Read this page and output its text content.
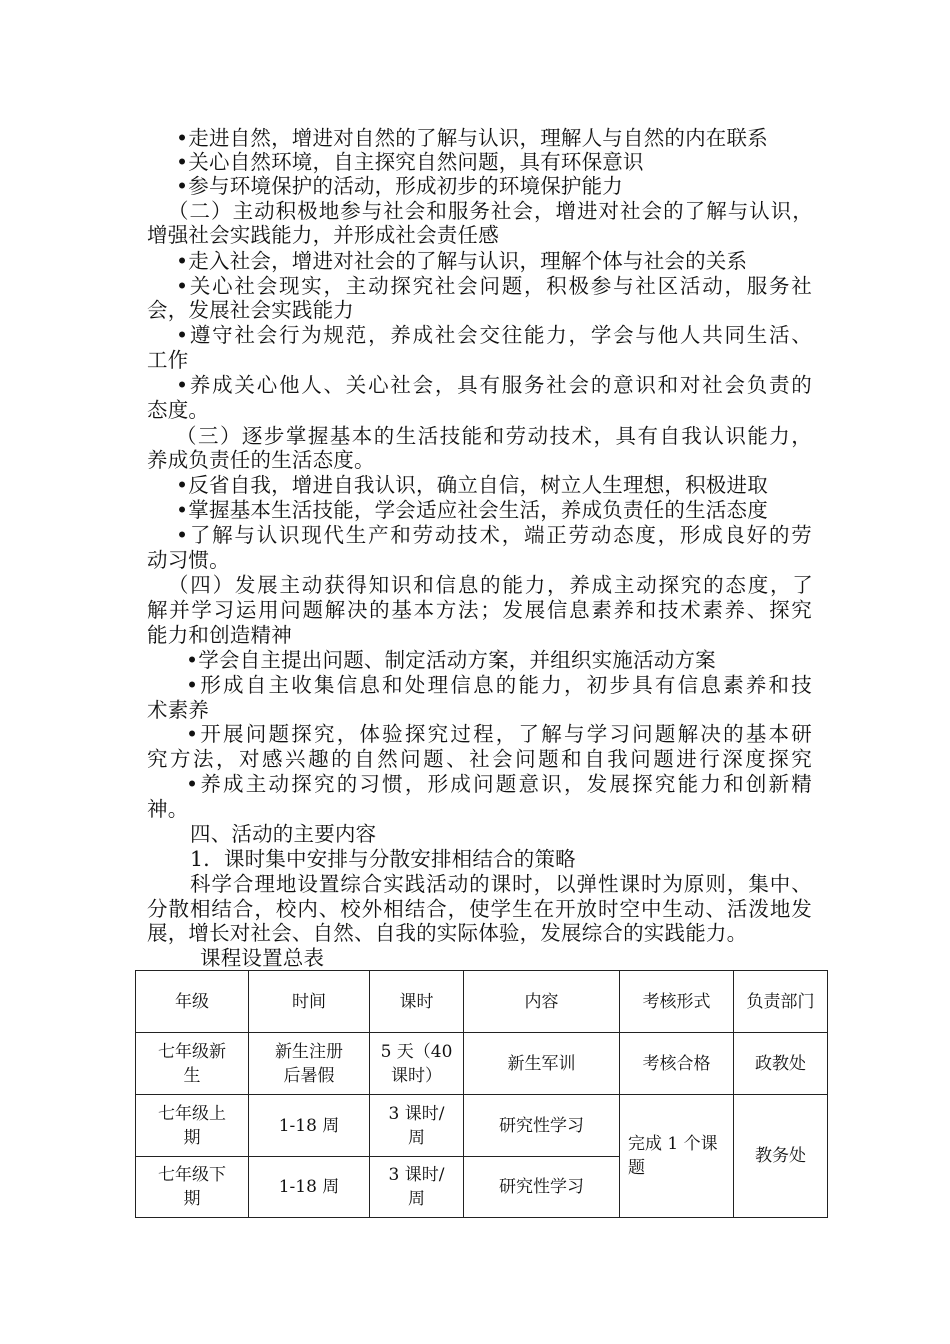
•走进自然，增进对自然的了解与认识，理解人与自然的内在联系
•关心自然环境，自主探究自然问题，具有环保意识
•参与环境保护的活动，形成初步的环境保护能力
（二）主动积极地参与社会和服务社会，增进对社会的了解与认识，
增强社会实践能力，并形成社会责任感
•走入社会，增进对社会的了解与认识，理解个体与社会的关系
•关心社会现实，主动探究社会问题，积极参与社区活动，服务社
会，发展社会实践能力
•遵守社会行为规范，养成社会交往能力，学会与他人共同生活、
工作
•养成关心他人、关心社会，具有服务社会的意识和对社会负责的
态度。
（三）逐步掌握基本的生活技能和劳动技术，具有自我认识能力，
养成负责任的生活态度。
•反省自我，增进自我认识，确立自信，树立人生理想，积极进取
•掌握基本生活技能，学会适应社会生活，养成负责任的生活态度
•了解与认识现代生产和劳动技术，端正劳动态度，形成良好的劳
动习惯。
（四）发展主动获得知识和信息的能力，养成主动探究的态度，了
解并学习运用问题解决的基本方法；发展信息素养和技术素养、探究
能力和创造精神
•学会自主提出问题、制定活动方案，并组织实施活动方案
•形成自主收集信息和处理信息的能力，初步具有信息素养和技
术素养
•开展问题探究，体验探究过程，了解与学习问题解决的基本研
究方法，对感兴趣的自然问题、社会问题和自我问题进行深度探究
•养成主动探究的习惯，形成问题意识，发展探究能力和创新精
神。
四、活动的主要内容
1．课时集中安排与分散安排相结合的策略
科学合理地设置综合实践活动的课时，以弹性课时为原则，集中、
分散相结合，校内、校外相结合，使学生在开放时空中生动、活泼地发
展，增长对社会、自然、自我的实际体验，发展综合的实践能力。
课程设置总表
年级	时间	课时	内容	考核形式	负责部门
七年级新
生	新生注册
后暑假	5 天（40
课时）	新生军训	考核合格	政教处
七年级上
期	1-18 周	3 课时/
周	研究性学习	完成 1 个课
题	教务处
七年级下
期	1-18 周	3 课时/
周	研究性学习		
